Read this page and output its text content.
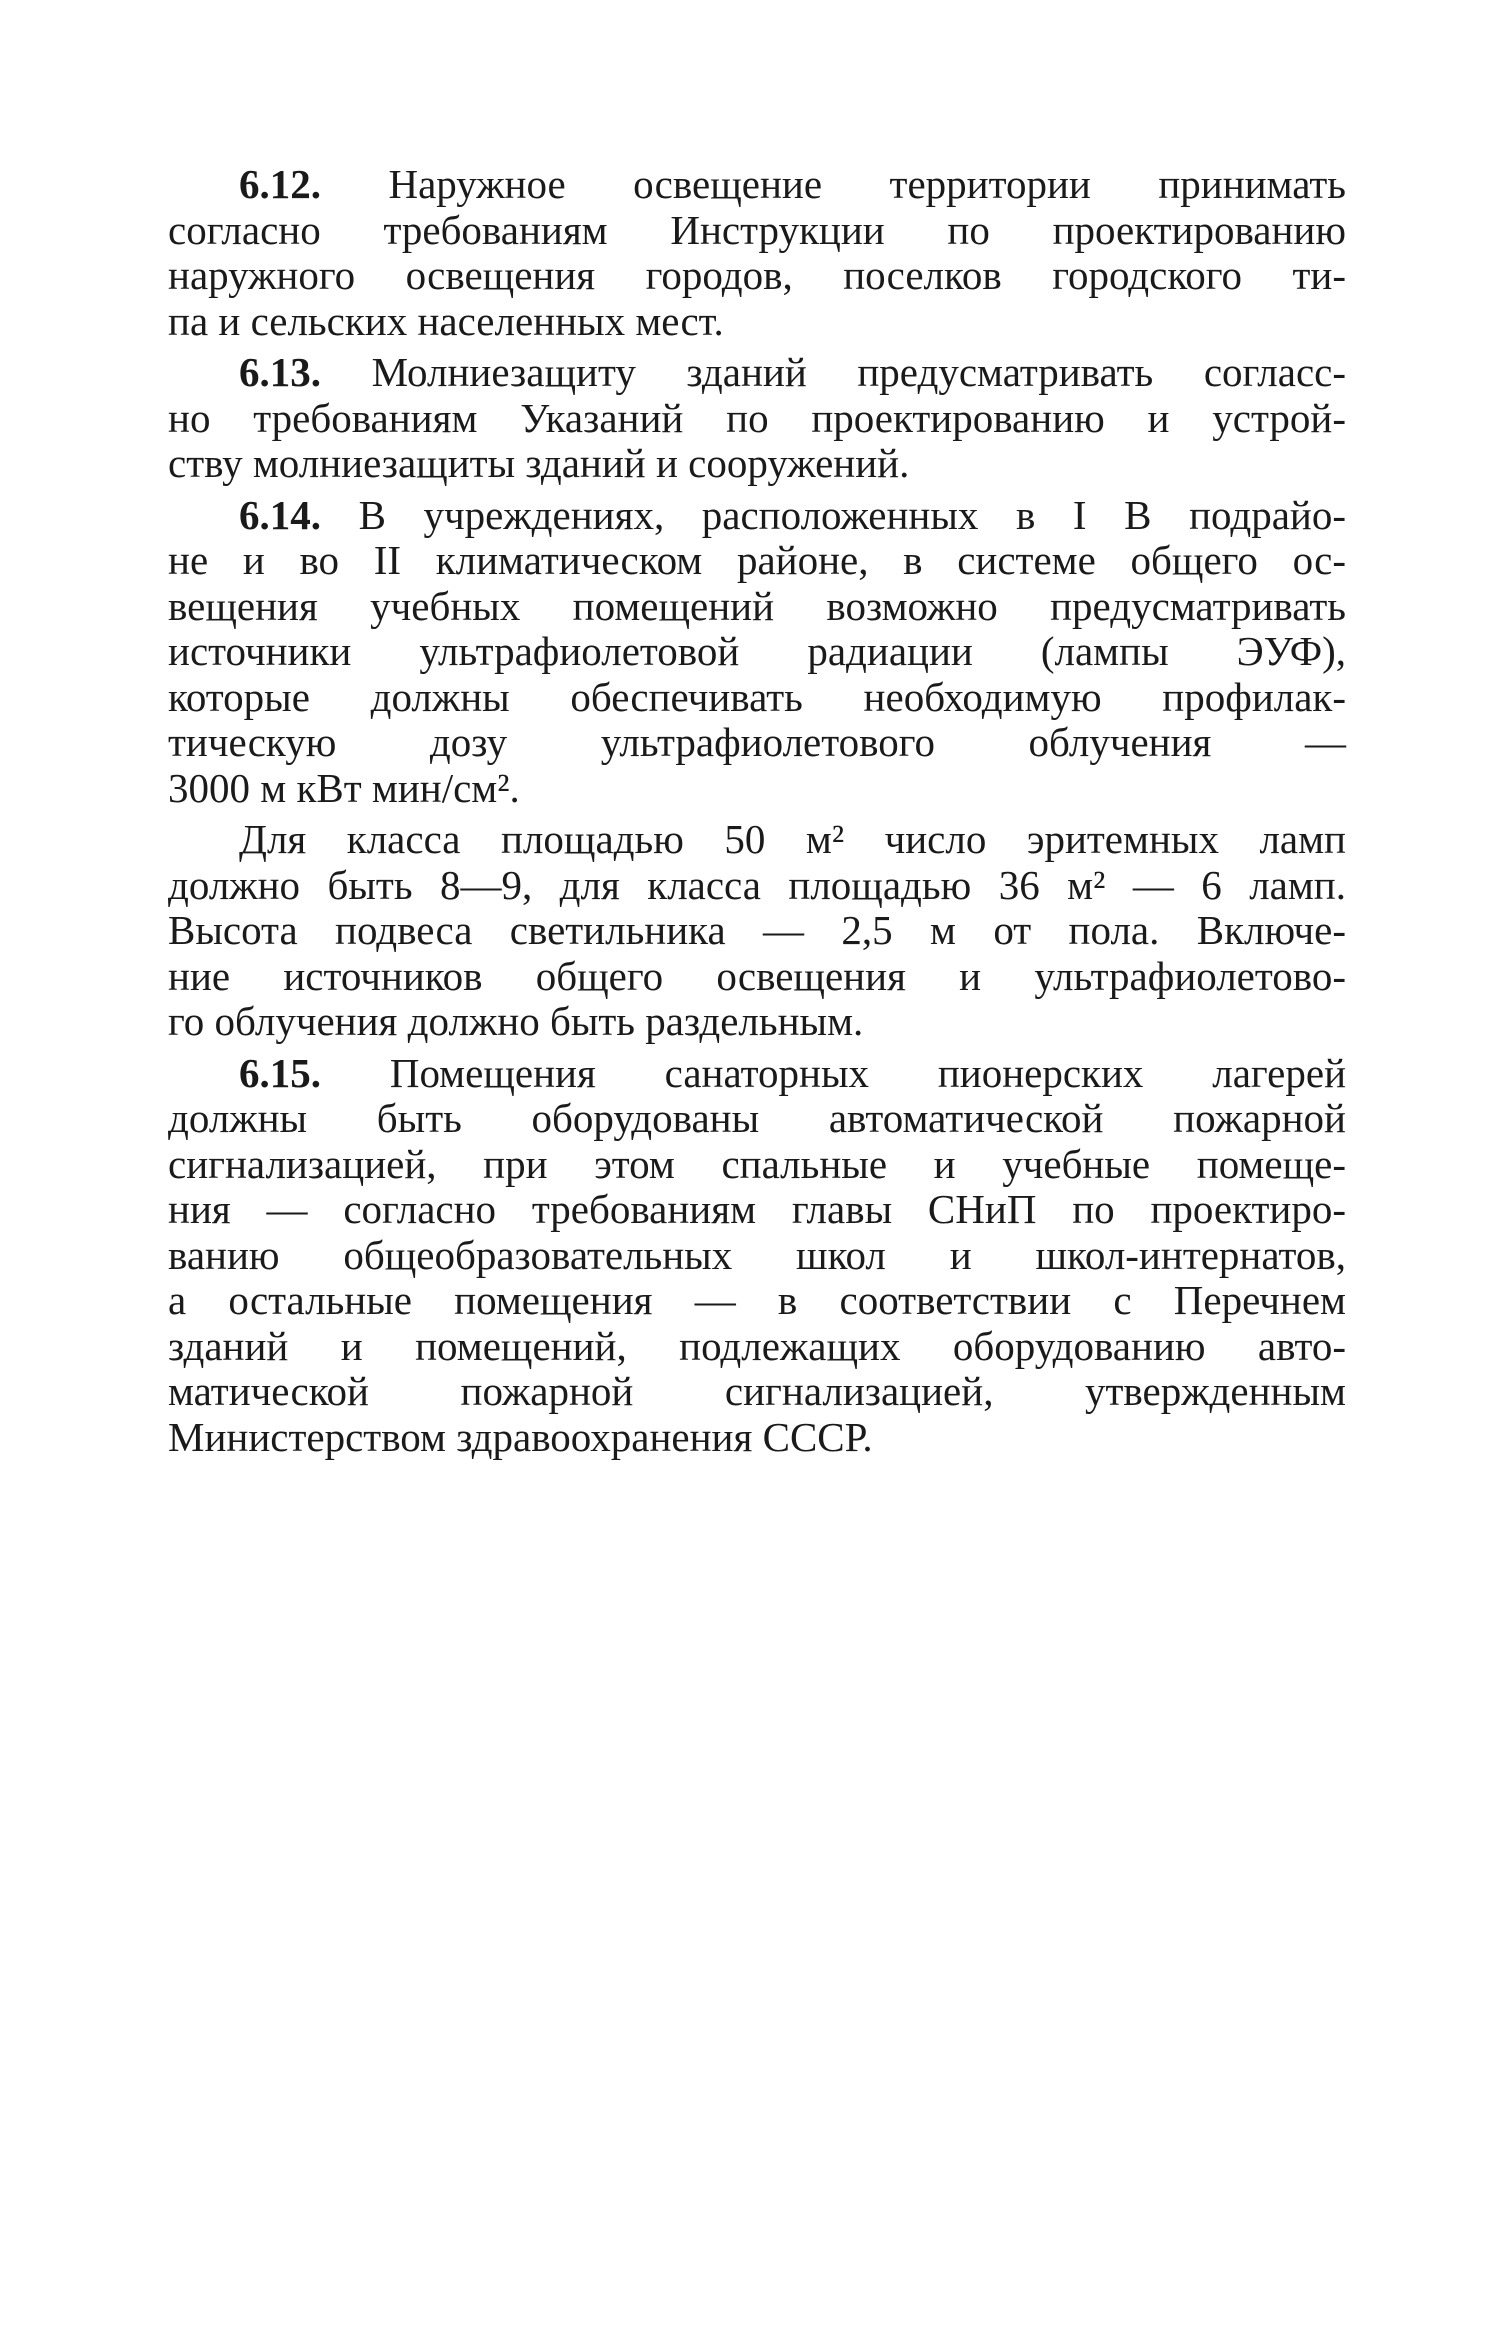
6.12. Наружное освещение территории принимать
согласно требованиям Инструкции по проектированию
наружного освещения городов, поселков городского ти-
па и сельских населенных мест.
6.13. Молниезащиту зданий предусматривать согласс-
но требованиям Указаний по проектированию и устрой-
ству молниезащиты зданий и сооружений.
6.14. В учреждениях, расположенных в I В подрайо-
не и во II климатическом районе, в системе общего ос-
вещения учебных помещений возможно предусматривать
источники ультрафиолетовой радиации (лампы ЭУФ),
которые должны обеспечивать необходимую профилак-
тическую дозу ультрафиолетового облучения —
3000 м кВт мин/см².
Для класса площадью 50 м² число эритемных ламп
должно быть 8—9, для класса площадью 36 м² — 6 ламп.
Высота подвеса светильника — 2,5 м от пола. Включе-
ние источников общего освещения и ультрафиолетово-
го облучения должно быть раздельным.
6.15. Помещения санаторных пионерских лагерей
должны быть оборудованы автоматической пожарной
сигнализацией, при этом спальные и учебные помеще-
ния — согласно требованиям главы СНиП по проектиро-
ванию общеобразовательных школ и школ-интернатов,
а остальные помещения — в соответствии с Перечнем
зданий и помещений, подлежащих оборудованию авто-
матической пожарной сигнализацией, утвержденным
Министерством здравоохранения СССР.
